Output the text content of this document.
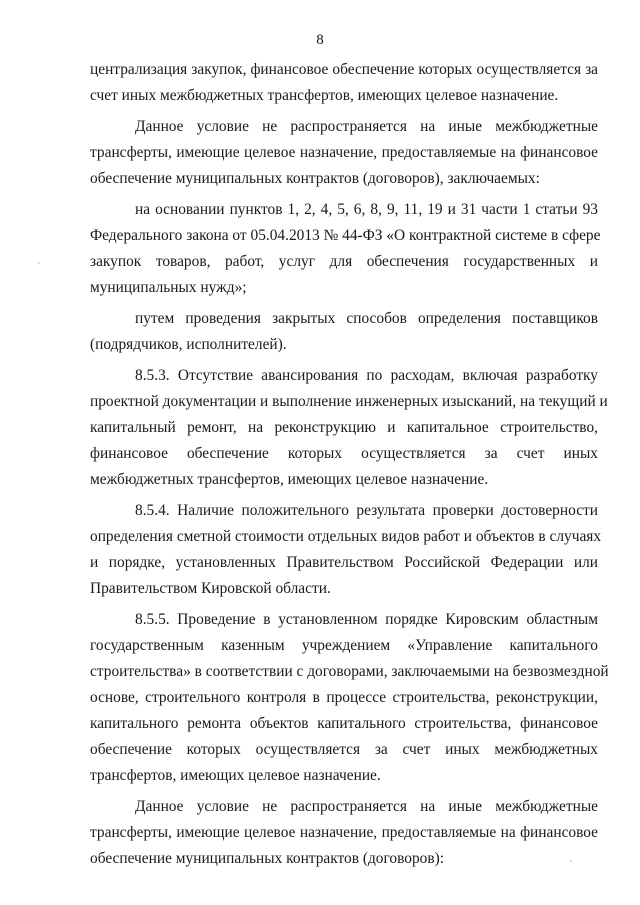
8
централизация закупок, финансовое обеспечение которых осуществляется за
счет иных межбюджетных трансфертов, имеющих целевое назначение.
Данное условие не распространяется на иные межбюджетные
трансферты, имеющие целевое назначение, предоставляемые на финансовое
обеспечение муниципальных контрактов (договоров), заключаемых:
на основании пунктов 1, 2, 4, 5, 6, 8, 9, 11, 19 и 31 части 1 статьи 93
Федерального закона от 05.04.2013 № 44-ФЗ «О контрактной системе в сфере
закупок товаров, работ, услуг для обеспечения государственных и
муниципальных нужд»;
путем проведения закрытых способов определения поставщиков
(подрядчиков, исполнителей).
8.5.3. Отсутствие авансирования по расходам, включая разработку
проектной документации и выполнение инженерных изысканий, на текущий и
капитальный ремонт, на реконструкцию и капитальное строительство,
финансовое обеспечение которых осуществляется за счет иных
межбюджетных трансфертов, имеющих целевое назначение.
8.5.4. Наличие положительного результата проверки достоверности
определения сметной стоимости отдельных видов работ и объектов в случаях
и порядке, установленных Правительством Российской Федерации или
Правительством Кировской области.
8.5.5. Проведение в установленном порядке Кировским областным
государственным казенным учреждением «Управление капитального
строительства» в соответствии с договорами, заключаемыми на безвозмездной
основе, строительного контроля в процессе строительства, реконструкции,
капитального ремонта объектов капитального строительства, финансовое
обеспечение которых осуществляется за счет иных межбюджетных
трансфертов, имеющих целевое назначение.
Данное условие не распространяется на иные межбюджетные
трансферты, имеющие целевое назначение, предоставляемые на финансовое
обеспечение муниципальных контрактов (договоров):
